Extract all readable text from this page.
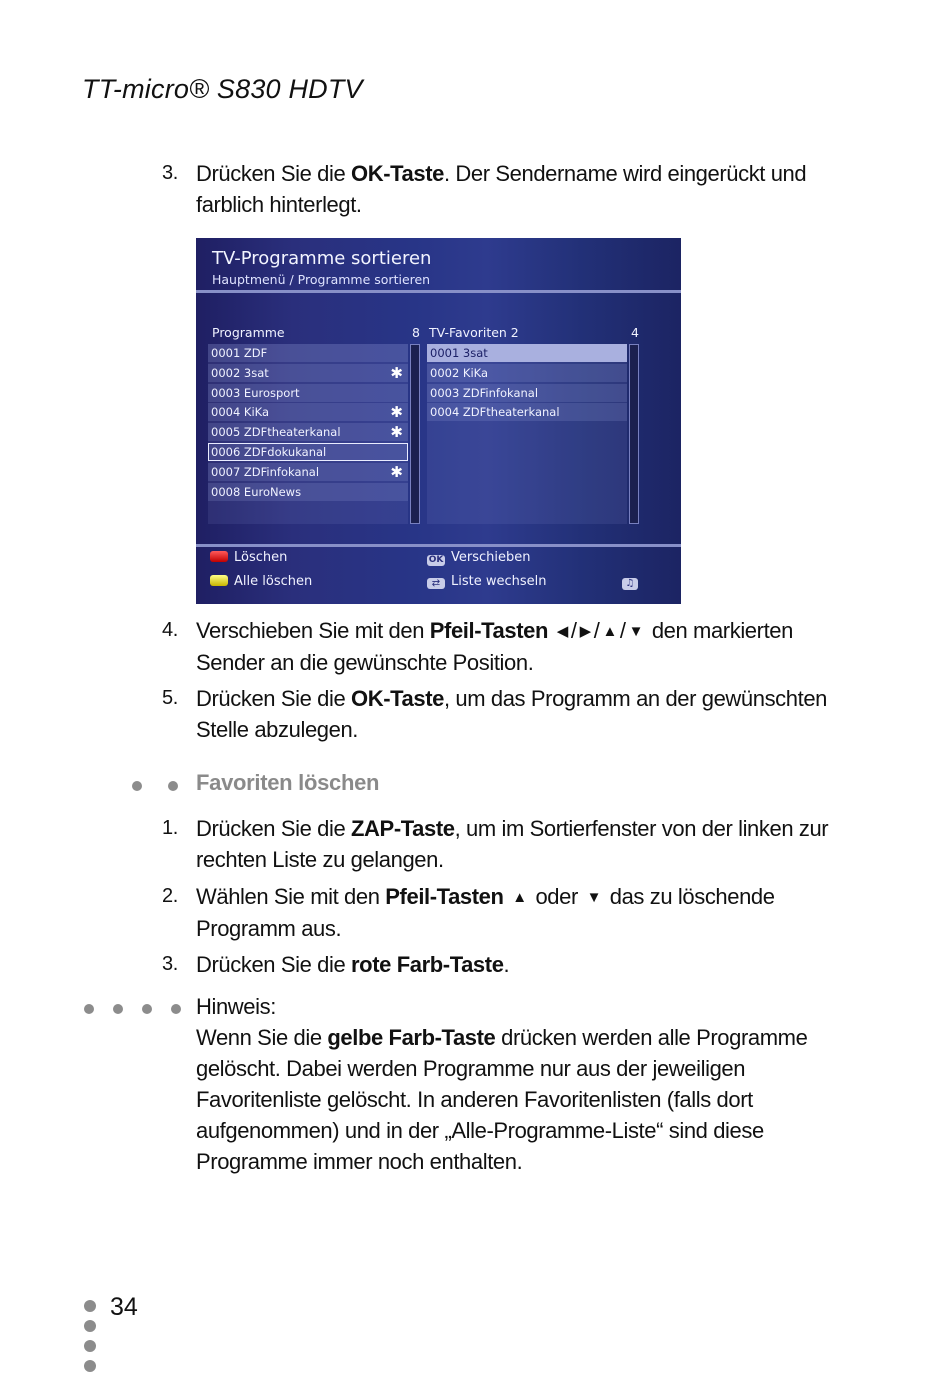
TT-micro® S830 HDTV
3. Drücken Sie die OK-Taste. Der Sendername wird eingerückt und farblich hinterlegt.
TV-Programme sortieren
Hauptmenü / Programme sortieren
Programme	8 TV-Favoriten 2	4
0001 ZDF
0002 3sat	✱
0003 Eurosport
0004 KiKa	✱
0005 ZDFtheaterkanal	✱
0006 ZDFdokukanal
0007 ZDFinfokanal	✱
0008 EuroNews
0001 3sat
0002 KiKa
0003 ZDFinfokanal
0004 ZDFtheaterkanal
Löschen
Alle löschen
OK Verschieben
⇄ Liste wechseln	♫
4. Verschieben Sie mit den Pfeil-Tasten ◀ / ▶ / ▲ / ▼ den markierten Sender an die gewünschte Position.
5. Drücken Sie die OK-Taste, um das Programm an der gewünschten Stelle abzulegen.
Favoriten löschen
1. Drücken Sie die ZAP-Taste, um im Sortierfenster von der linken zur rechten Liste zu gelangen.
2. Wählen Sie mit den Pfeil-Tasten ▲ oder ▼ das zu löschende Programm aus.
3. Drücken Sie die rote Farb-Taste.
Hinweis:
Wenn Sie die gelbe Farb-Taste drücken werden alle Programme gelöscht. Dabei werden Programme nur aus der jeweiligen Favoritenliste gelöscht. In anderen Favoritenlisten (falls dort aufgenommen) und in der „Alle-Programme-Liste“ sind diese Programme immer noch enthalten.
34
